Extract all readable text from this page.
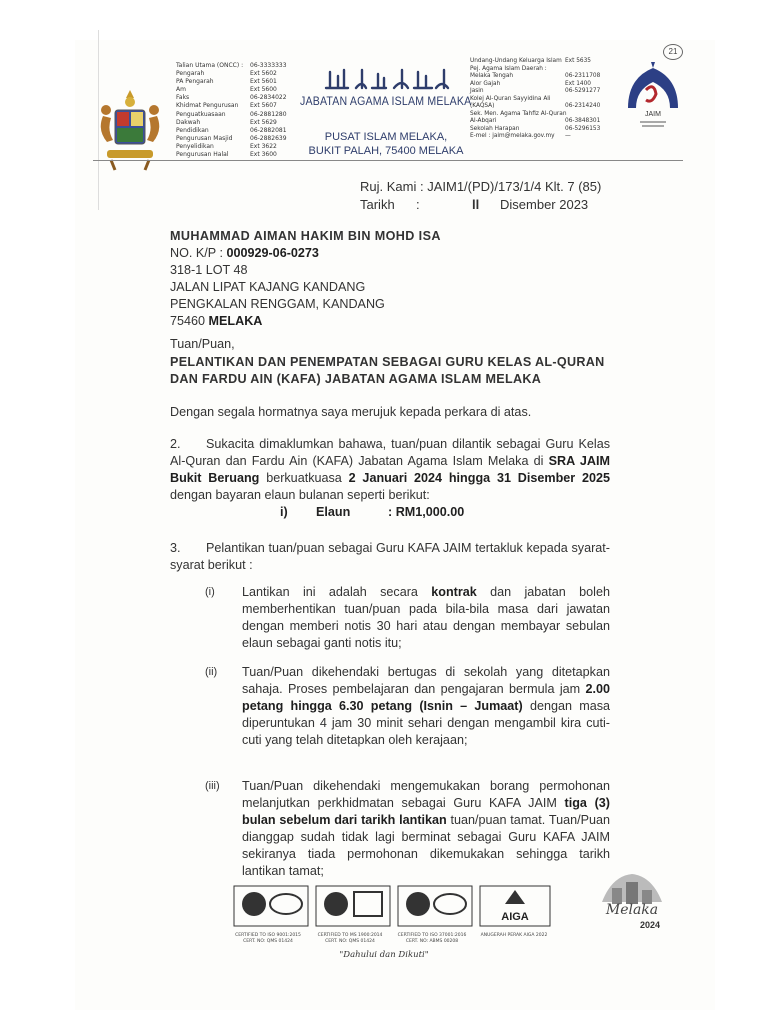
Talian Utama (ONCC) :
Pengarah
PA Pengarah
Am
Faks
Khidmat Pengurusan
Penguatkuasaan
Dakwah
Pendidikan
Pengurusan Masjid
Penyelidikan
Pengurusan Halal
06-3333333
Ext 5602
Ext 5601
Ext 5600
06-2834022
Ext 5607
06-2881280
Ext 5629
06-2882081
06-2882639
Ext 3622
Ext 3600
JABATAN AGAMA ISLAM MELAKA
PUSAT ISLAM MELAKA,
BUKIT PALAH, 75400 MELAKA
Undang-Undang Keluarga Islam
Pej. Agama Islam Daerah :
Melaka Tengah
Alor Gajah
Jasin
Kolej Al-Quran Sayyidina Ali
(KAQSA)
Sek. Men. Agama Tahfiz Al-Quran
Al-Abqari
Sekolah Harapan
E-mel : jaim@melaka.gov.my
Ext 5635

06-2311708
Ext 1400
06-5291277

06-2314240

06-3848301
06-5296153
—
21
JAIM
Ruj. Kami : JAIM1/(PD)/173/1/4 Klt. 7 (85)
Tarikh :	ll Disember 2023
MUHAMMAD AIMAN HAKIM BIN MOHD ISA
NO. K/P : 000929-06-0273
318-1 LOT 48
JALAN LIPAT KAJANG KANDANG
PENGKALAN RENGGAM, KANDANG
75460 MELAKA
Tuan/Puan,
PELANTIKAN DAN PENEMPATAN SEBAGAI GURU KELAS AL-QURAN DAN FARDU AIN (KAFA) JABATAN AGAMA ISLAM MELAKA
Dengan segala hormatnya saya merujuk kepada perkara di atas.
2. Sukacita dimaklumkan bahawa, tuan/puan dilantik sebagai Guru Kelas Al-Quran dan Fardu Ain (KAFA) Jabatan Agama Islam Melaka di SRA JAIM Bukit Beruang berkuatkuasa 2 Januari 2024 hingga 31 Disember 2025 dengan bayaran elaun bulanan seperti berikut:
i) Elaun	: RM1,000.00
3. Pelantikan tuan/puan sebagai Guru KAFA JAIM tertakluk kepada syarat-syarat berikut :
(i) Lantikan ini adalah secara kontrak dan jabatan boleh memberhentikan tuan/puan pada bila-bila masa dari jawatan dengan memberi notis 30 hari atau dengan membayar sebulan elaun sebagai ganti notis itu;
(ii) Tuan/Puan dikehendaki bertugas di sekolah yang ditetapkan sahaja. Proses pembelajaran dan pengajaran bermula jam 2.00 petang hingga 6.30 petang (Isnin – Jumaat) dengan masa diperuntukan 4 jam 30 minit sehari dengan mengambil kira cuti-cuti yang telah ditetapkan oleh kerajaan;
(iii) Tuan/Puan dikehendaki mengemukakan borang permohonan melanjutkan perkhidmatan sebagai Guru KAFA JAIM tiga (3) bulan sebelum dari tarikh lantikan tuan/puan tamat. Tuan/Puan dianggap sudah tidak lagi berminat sebagai Guru KAFA JAIM sekiranya tiada permohonan dikemukakan sehingga tarikh lantikan tamat;
AIGA
CERTIFIED TO ISO 9001:2015 CERT. NO: QMS 01424
CERTIFIED TO MS 1900:2014 CERT. NO: QMS 01424
CERTIFIED TO ISO 37001:2016 CERT. NO: ABMS 00208
ANUGERAH PERAK AIGA 2022
Melaka
2024
"Dahului dan Dikuti"
